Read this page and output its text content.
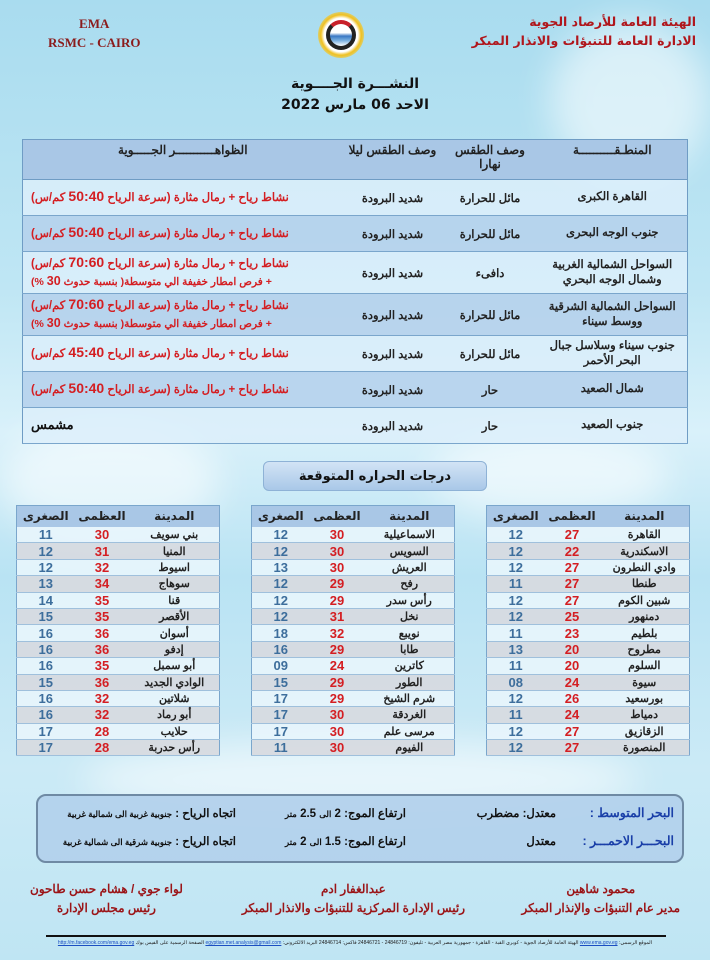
الهيئة العامة للأرصاد الجوية
الادارة العامة للتنبؤات والانذار المبكر
EMA
RSMC - CAIRO
النشـــرة الجــــوية
الاحد 06 مارس 2022
المنطـقــــــــــة	وصف الطقس نهارا	وصف الطقس ليلا	الظواهـــــــــــر الجـــــوية
القاهرة الكبرى	مائل للحرارة	شديد البرودة	نشاط رياح + رمال مثارة (سرعة الرياح 50:40 كم/س)

جنوب الوجه البحرى	مائل للحرارة	شديد البرودة	نشاط رياح + رمال مثارة (سرعة الرياح 50:40 كم/س)

السواحل الشمالية الغربية وشمال الوجه البحري	دافىء	شديد البرودة	نشاط رياح + رمال مثارة (سرعة الرياح 70:60 كم/س)
+ فرص امطار خفيفة الي متوسطة( بنسبة حدوث 30 %)

السواحل الشمالية الشرقية ووسط سيناء	مائل للحرارة	شديد البرودة	نشاط رياح + رمال مثارة (سرعة الرياح 70:60 كم/س)
+ فرص امطار خفيفة الي متوسطة( بنسبة حدوث 30 %)

جنوب سيناء وسلاسل جبال البحر الأحمر	مائل للحرارة	شديد البرودة	نشاط رياح + رمال مثارة (سرعة الرياح 45:40 كم/س)

شمال الصعيد	حار	شديد البرودة	نشاط رياح + رمال مثارة (سرعة الرياح 50:40 كم/س)

جنوب الصعيد	حار	شديد البرودة	مشمس
درجات الحراره المتوقعة
المدينة	العظمى	الصغرى
القاهرة	27	12
الاسكندرية	22	12
وادي النطرون	27	12
طنطا	27	11
شبين الكوم	27	12
دمنهور	25	12
بلطيم	23	11
مطروح	20	13
السلوم	20	11
سيوة	24	08
بورسعيد	26	12
دمياط	24	11
الزقازيق	27	12
المنصورة	27	12
المدينة	العظمى	الصغرى
الاسماعيلية	30	12
السويس	30	12
العريش	30	13
رفح	29	12
رأس سدر	29	12
نخل	31	12
نويبع	32	18
طابا	29	16
كاترين	24	09
الطور	29	15
شرم الشيخ	29	17
الغردقة	30	17
مرسى علم	30	17
الفيوم	30	11
المدينة	العظمى	الصغرى
بني سويف	30	11
المنيا	31	12
اسيوط	32	12
سوهاج	34	13
قنا	35	14
الأقصر	35	15
أسوان	36	16
إدفو	36	16
أبو سمبل	35	16
الوادي الجديد	36	15
شلاتين	32	16
أبو رماد	32	16
حلايب	28	17
رأس حدربة	28	17
البحر المتوسط :
معتدل: مضطرب
ارتفاع الموج: 2 الى 2.5 متر
اتجاه الرياح : جنوبية غربية الى شمالية غربية
البحـــر الاحمـــر :
معتدل
ارتفاع الموج: 1.5 الى 2 متر
اتجاه الرياح : جنوبية شرقية الى شمالية غربية
محمود شاهين
مدير عام التنبؤات والإنذار المبكر
عبدالغفار ادم
رئيس الإدارة المركزية للتنبؤات والانذار المبكر
لواء جوي / هشام حسن طاحون
رئيس مجلس الإدارة
الموقع الرسمي: www.ema.gov.eg الهيئة العامة للأرصاد الجوية - كوبري القبة - القاهرة - جمهورية مصر العربية - تليفون: 24846719 - 24846721 فاكس: 24846714 البريد الالكتروني: egyptian.met.analysis@gmail.com الصفحة الرسمية على الفيس بوك http://m.facebook.com/ema.gov.eg
